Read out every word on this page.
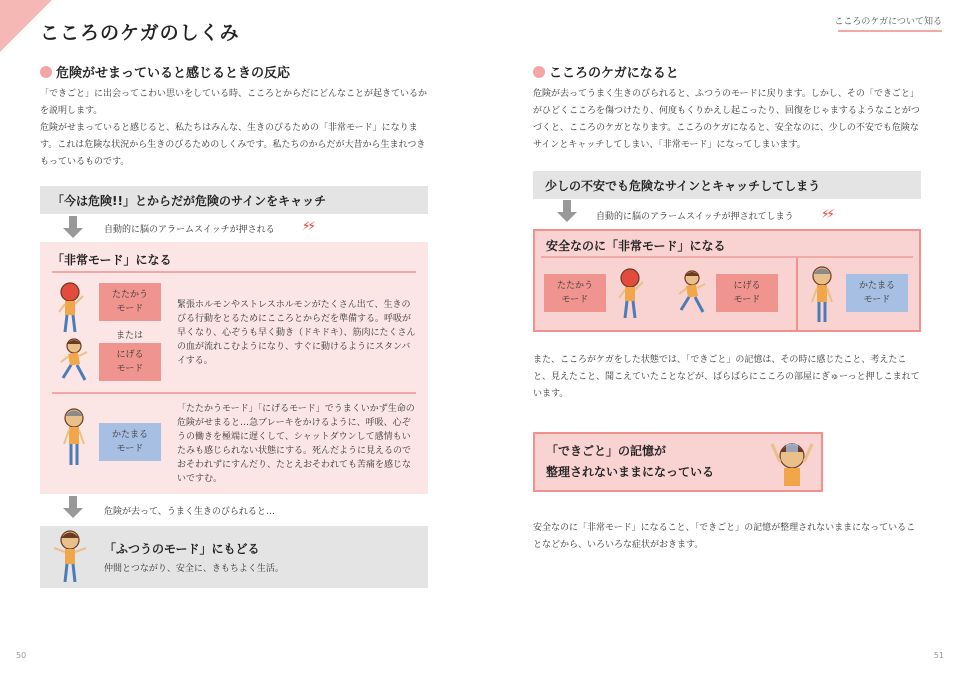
こころのケガのしくみ
危険がせまっていると感じるときの反応
「できごと」に出会ってこわい思いをしている時、こころとからだにどんなことが起きているかを説明します。
危険がせまっていると感じると、私たちはみんな、生きのびるための「非常モード」になります。これは危険な状況から生きのびるためのしくみです。私たちのからだが大昔から生まれつきもっているものです。
「今は危険!!」とからだが危険のサインをキャッチ
自動的に脳のアラームスイッチが押される ⚡⚡
「非常モード」になる
たたかう
モード
または
にげる
モード
緊張ホルモンやストレスホルモンがたくさん出て、生きのびる行動をとるためにこころとからだを準備する。呼吸が早くなり、心ぞうも早く動き（ドキドキ）、筋肉にたくさんの血が流れこむようになり、すぐに動けるようにスタンバイする。
かたまる
モード
「たたかうモード」「にげるモード」でうまくいかず生命の危険がせまると…急ブレーキをかけるように、呼吸、心ぞうの働きを極端に遅くして、シャットダウンして感情もいたみも感じられない状態にする。死んだように見えるのでおそわれずにすんだり、たとえおそわれても苦痛を感じないですむ。
危険が去って、うまく生きのびられると…
「ふつうのモード」にもどる
仲間とつながり、安全に、きもちよく生活。
50
こころのケガについて知る
こころのケガになると
危険が去ってうまく生きのびられると、ふつうのモードに戻ります。しかし、その「できごと」がひどくこころを傷つけたり、何度もくりかえし起こったり、回復をじゃまするようなことがつづくと、こころのケガとなります。こころのケガになると、安全なのに、少しの不安でも危険なサインとキャッチしてしまい、「非常モード」になってしまいます。
少しの不安でも危険なサインとキャッチしてしまう
自動的に脳のアラームスイッチが押されてしまう ⚡⚡
安全なのに「非常モード」になる
たたかう
モード
にげる
モード
かたまる
モード
また、こころがケガをした状態では、「できごと」の記憶は、その時に感じたこと、考えたこと、見えたこと、聞こえていたことなどが、ばらばらにこころの部屋にぎゅーっと押しこまれています。
「できごと」の記憶が
整理されないままになっている
安全なのに「非常モード」になること、「できごと」の記憶が整理されないままになっていることなどから、いろいろな症状がおきます。
51
